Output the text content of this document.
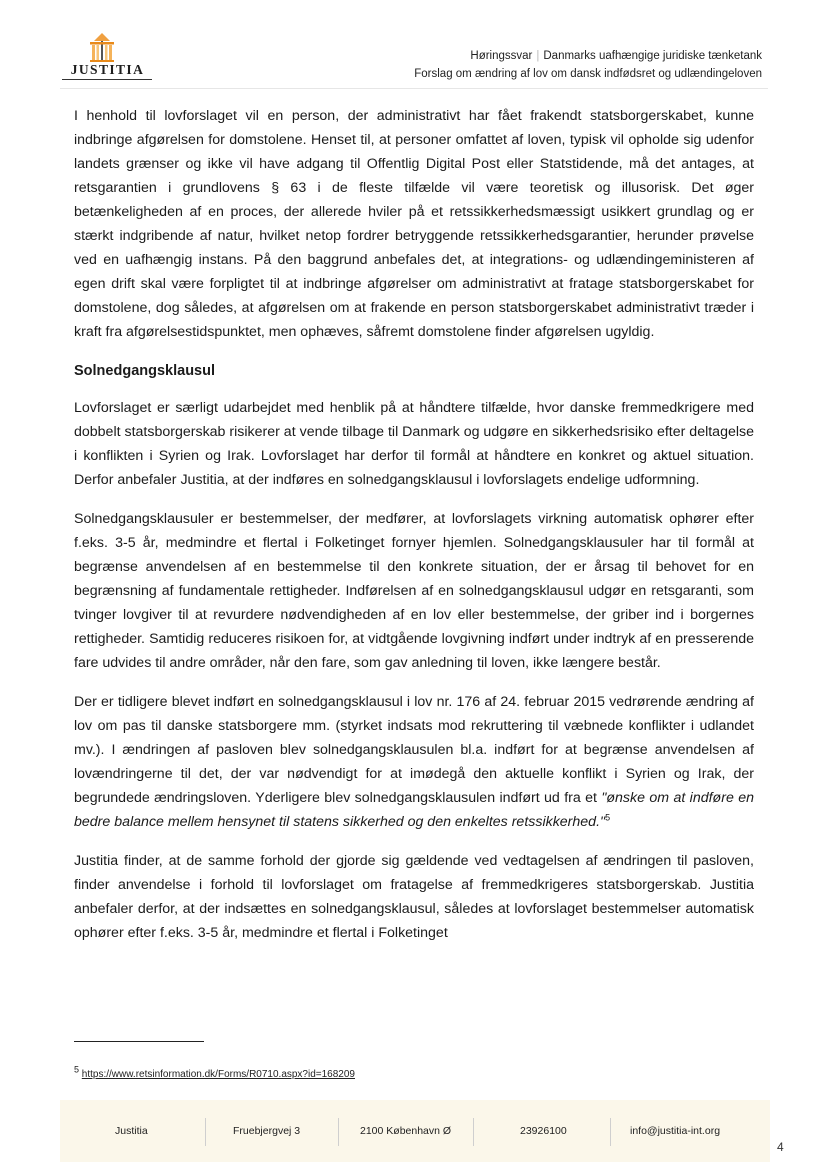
JUSTITIA
Høringssvar | Danmarks uafhængige juridiske tænketank
Forslag om ændring af lov om dansk indfødsret og udlændingeloven

I henhold til lovforslaget vil en person, der administrativt har fået frakendt statsborgerskabet, kunne indbringe afgørelsen for domstolene. Henset til, at personer omfattet af loven, typisk vil opholde sig udenfor landets grænser og ikke vil have adgang til Offentlig Digital Post eller Statstidende, må det antages, at retsgarantien i grundlovens § 63 i de fleste tilfælde vil være teoretisk og illusorisk. Det øger betænkeligheden af en proces, der allerede hviler på et retssikkerhedsmæssigt usikkert grundlag og er stærkt indgribende af natur, hvilket netop fordrer betryggende retssikkerhedsgarantier, herunder prøvelse ved en uafhængig instans. På den baggrund anbefales det, at integrations- og udlændingeministeren af egen drift skal være forpligtet til at indbringe afgørelser om administrativt at fratage statsborgerskabet for domstolene, dog således, at afgørelsen om at frakende en person statsborgerskabet administrativt træder i kraft fra afgørelsestidspunktet, men ophæves, såfremt domstolene finder afgørelsen ugyldig.

Solnedgangsklausul

Lovforslaget er særligt udarbejdet med henblik på at håndtere tilfælde, hvor danske fremmedkrigere med dobbelt statsborgerskab risikerer at vende tilbage til Danmark og udgøre en sikkerhedsrisiko efter deltagelse i konflikten i Syrien og Irak. Lovforslaget har derfor til formål at håndtere en konkret og aktuel situation. Derfor anbefaler Justitia, at der indføres en solnedgangsklausul i lovforslagets endelige udformning.

Solnedgangsklausuler er bestemmelser, der medfører, at lovforslagets virkning automatisk ophører efter f.eks. 3-5 år, medmindre et flertal i Folketinget fornyer hjemlen. Solnedgangsklausuler har til formål at begrænse anvendelsen af en bestemmelse til den konkrete situation, der er årsag til behovet for en begrænsning af fundamentale rettigheder. Indførelsen af en solnedgangsklausul udgør en retsgaranti, som tvinger lovgiver til at revurdere nødvendigheden af en lov eller bestemmelse, der griber ind i borgernes rettigheder. Samtidig reduceres risikoen for, at vidtgående lovgivning indført under indtryk af en presserende fare udvides til andre områder, når den fare, som gav anledning til loven, ikke længere består.

Der er tidligere blevet indført en solnedgangsklausul i lov nr. 176 af 24. februar 2015 vedrørende ændring af lov om pas til danske statsborgere mm. (styrket indsats mod rekruttering til væbnede konflikter i udlandet mv.). I ændringen af pasloven blev solnedgangsklausulen bl.a. indført for at begrænse anvendelsen af lovændringerne til det, der var nødvendigt for at imødegå den aktuelle konflikt i Syrien og Irak, der begrundede ændringsloven. Yderligere blev solnedgangsklausulen indført ud fra et "ønske om at indføre en bedre balance mellem hensynet til statens sikkerhed og den enkeltes retssikkerhed."$^5$

Justitia finder, at de samme forhold der gjorde sig gældende ved vedtagelsen af ændringen til pasloven, finder anvendelse i forhold til lovforslaget om fratagelse af fremmedkrigeres statsborgerskab. Justitia anbefaler derfor, at der indsættes en solnedgangsklausul, således at lovforslaget bestemmelser automatisk ophører efter f.eks. 3-5 år, medmindre et flertal i Folketinget

$^5$ https://www.retsinformation.dk/Forms/R0710.aspx?id=168209
Justitia	Fruebjergvej 3	2100 København Ø	23926100	info@justitia-int.org
4
